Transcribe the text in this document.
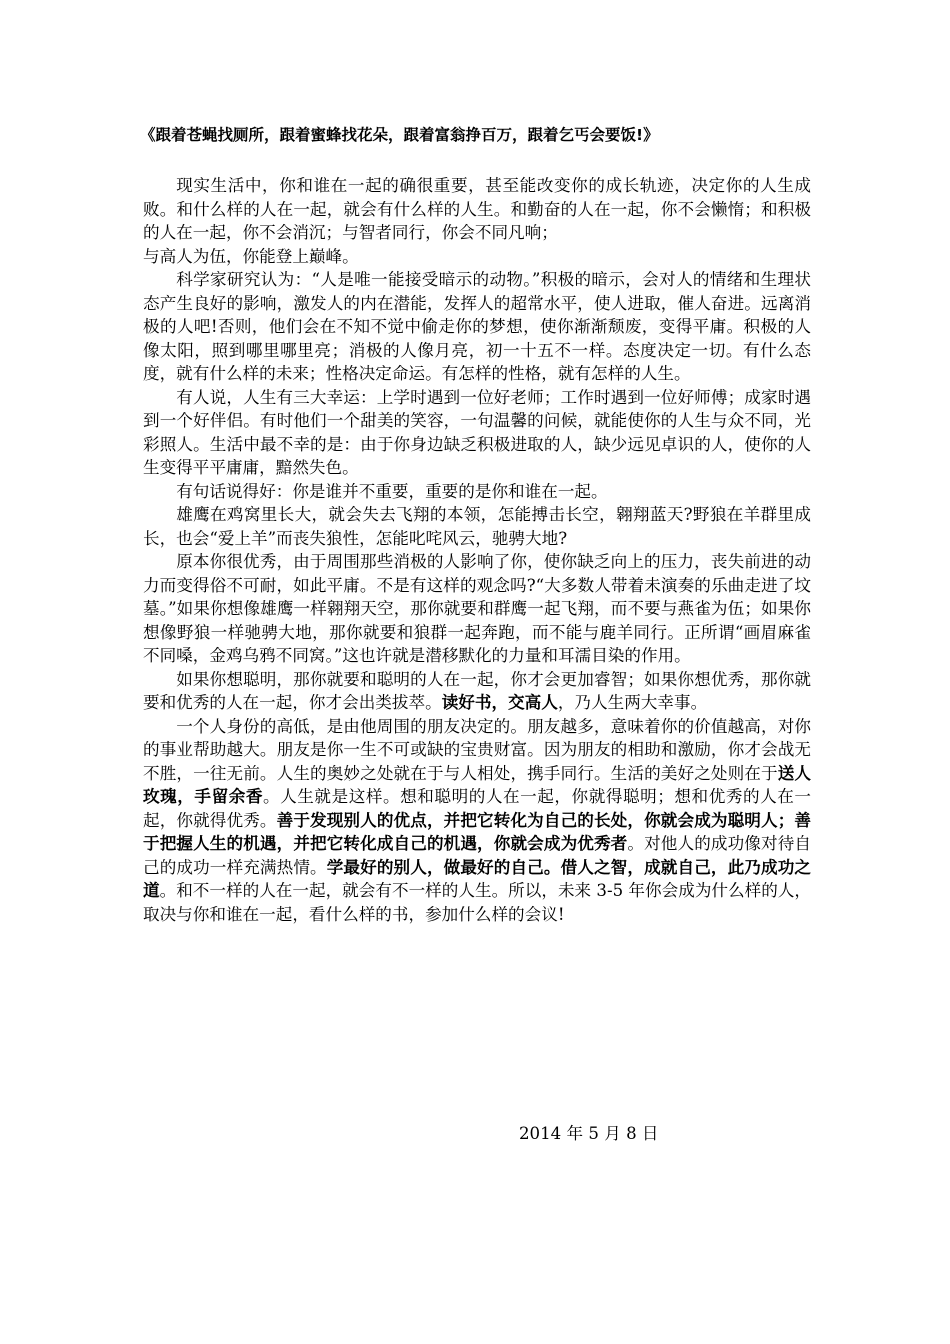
《跟着苍蝇找厕所，跟着蜜蜂找花朵，跟着富翁挣百万，跟着乞丐会要饭!》

现实生活中，你和谁在一起的确很重要，甚至能改变你的成长轨迹，决定你的人生成败。和什么样的人在一起，就会有什么样的人生。和勤奋的人在一起，你不会懒惰；和积极的人在一起，你不会消沉；与智者同行，你会不同凡响；

与高人为伍，你能登上巅峰。

科学家研究认为：“人是唯一能接受暗示的动物。”积极的暗示，会对人的情绪和生理状态产生良好的影响，激发人的内在潜能，发挥人的超常水平，使人进取，催人奋进。远离消极的人吧!否则，他们会在不知不觉中偷走你的梦想，使你渐渐颓废，变得平庸。积极的人像太阳，照到哪里哪里亮；消极的人像月亮，初一十五不一样。态度决定一切。有什么态度，就有什么样的未来；性格决定命运。有怎样的性格，就有怎样的人生。

有人说，人生有三大幸运：上学时遇到一位好老师；工作时遇到一位好师傅；成家时遇到一个好伴侣。有时他们一个甜美的笑容，一句温馨的问候，就能使你的人生与众不同，光彩照人。生活中最不幸的是：由于你身边缺乏积极进取的人，缺少远见卓识的人，使你的人生变得平平庸庸，黯然失色。

有句话说得好：你是谁并不重要，重要的是你和谁在一起。

雄鹰在鸡窝里长大，就会失去飞翔的本领，怎能搏击长空，翱翔蓝天?野狼在羊群里成长，也会“爱上羊”而丧失狼性，怎能叱咤风云，驰骋大地?

原本你很优秀，由于周围那些消极的人影响了你，使你缺乏向上的压力，丧失前进的动力而变得俗不可耐，如此平庸。不是有这样的观念吗?“大多数人带着未演奏的乐曲走进了坟墓。”如果你想像雄鹰一样翱翔天空，那你就要和群鹰一起飞翔，而不要与燕雀为伍；如果你想像野狼一样驰骋大地，那你就要和狼群一起奔跑，而不能与鹿羊同行。正所谓“画眉麻雀不同嗓，金鸡乌鸦不同窝。”这也许就是潜移默化的力量和耳濡目染的作用。

如果你想聪明，那你就要和聪明的人在一起，你才会更加睿智；如果你想优秀，那你就要和优秀的人在一起，你才会出类拔萃。读好书，交高人，乃人生两大幸事。

一个人身份的高低，是由他周围的朋友决定的。朋友越多，意味着你的价值越高，对你的事业帮助越大。朋友是你一生不可或缺的宝贵财富。因为朋友的相助和激励，你才会战无不胜，一往无前。人生的奥妙之处就在于与人相处，携手同行。生活的美好之处则在于送人玫瑰，手留余香。人生就是这样。想和聪明的人在一起，你就得聪明；想和优秀的人在一起，你就得优秀。善于发现别人的优点，并把它转化为自己的长处，你就会成为聪明人；善于把握人生的机遇，并把它转化成自己的机遇，你就会成为优秀者。对他人的成功像对待自己的成功一样充满热情。学最好的别人，做最好的自己。借人之智，成就自己，此乃成功之道。和不一样的人在一起，就会有不一样的人生。所以，未来 3-5 年你会成为什么样的人，取决与你和谁在一起，看什么样的书，参加什么样的会议!

2014 年 5 月 8 日
